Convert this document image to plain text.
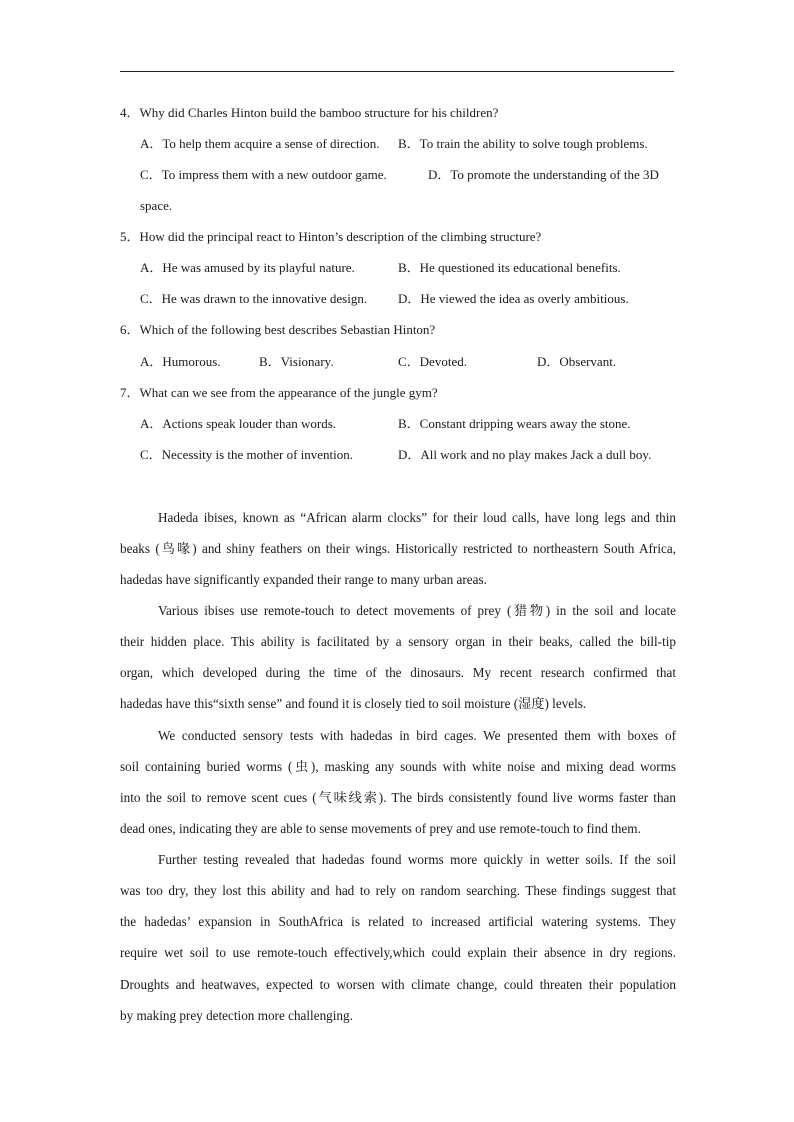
4．Why did Charles Hinton build the bamboo structure for his children?
A．To help them acquire a sense of direction. B．To train the ability to solve tough problems.
C．To impress them with a new outdoor game.	D．To promote the understanding of the 3D
space.
5．How did the principal react to Hinton’s description of the climbing structure?
A．He was amused by its playful nature.	B．He questioned its educational benefits.
C．He was drawn to the innovative design. D．He viewed the idea as overly ambitious.
6．Which of the following best describes Sebastian Hinton?
A．Humorous.	B．Visionary.	C．Devoted.	D．Observant.
7．What can we see from the appearance of the jungle gym?
A．Actions speak louder than words.	B．Constant dripping wears away the stone.
C．Necessity is the mother of invention.	D．All work and no play makes Jack a dull boy.
Hadeda ibises, known as “African alarm clocks” for their loud calls, have long legs and thin
beaks (鸟喙) and shiny feathers on their wings. Historically restricted to northeastern South Africa,
hadedas have significantly expanded their range to many urban areas.
Various ibises use remote-touch to detect movements of prey (猎物) in the soil and locate
their hidden place. This ability is facilitated by a sensory organ in their beaks, called the bill-tip
organ, which developed during the time of the dinosaurs. My recent research confirmed that
hadedas have this“sixth sense” and found it is closely tied to soil moisture (湿度) levels.
We conducted sensory tests with hadedas in bird cages. We presented them with boxes of
soil containing buried worms (虫), masking any sounds with white noise and mixing dead worms
into the soil to remove scent cues (气味线索). The birds consistently found live worms faster than
dead ones, indicating they are able to sense movements of prey and use remote-touch to find them.
Further testing revealed that hadedas found worms more quickly in wetter soils. If the soil
was too dry, they lost this ability and had to rely on random searching. These findings suggest that
the hadedas’ expansion in SouthAfrica is related to increased artificial watering systems. They
require wet soil to use remote-touch effectively,which could explain their absence in dry regions.
Droughts and heatwaves, expected to worsen with climate change, could threaten their population
by making prey detection more challenging.
